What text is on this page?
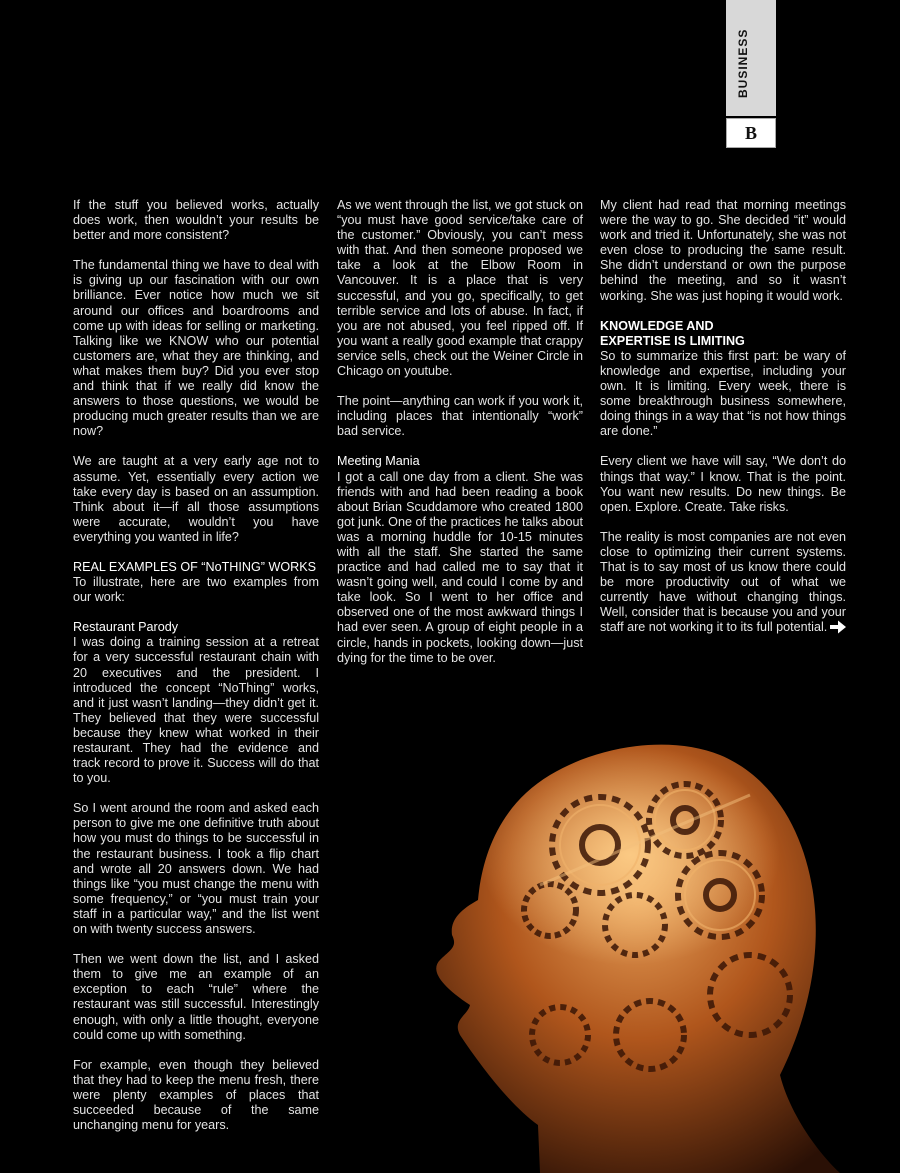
BUSINESS
B

If the stuff you believed works, actually does work, then wouldn’t your results be better and more consistent?

The fundamental thing we have to deal with is giving up our fascination with our own brilliance. Ever notice how much we sit around our offices and boardrooms and come up with ideas for selling or marketing. Talking like we KNOW who our potential customers are, what they are thinking, and what makes them buy? Did you ever stop and think that if we really did know the answers to those questions, we would be producing much greater results than we are now?

We are taught at a very early age not to assume. Yet, essentially every action we take every day is based on an assumption. Think about it—if all those assumptions were accurate, wouldn’t you have everything you wanted in life?

REAL EXAMPLES OF “NoTHING” WORKS
To illustrate, here are two examples from our work:

Restaurant Parody
I was doing a training session at a retreat for a very successful restaurant chain with 20 executives and the president. I introduced the concept “NoThing” works, and it just wasn’t landing—they didn’t get it. They believed that they were successful because they knew what worked in their restaurant. They had the evidence and track record to prove it. Success will do that to you.

So I went around the room and asked each person to give me one definitive truth about how you must do things to be successful in the restaurant business. I took a flip chart and wrote all 20 answers down. We had things like “you must change the menu with some frequency,” or “you must train your staff in a particular way,” and the list went on with twenty success answers.

Then we went down the list, and I asked them to give me an example of an exception to each “rule” where the restaurant was still successful. Interestingly enough, with only a little thought, everyone could come up with something.

For example, even though they believed that they had to keep the menu fresh, there were plenty examples of places that succeeded because of the same unchanging menu for years.

As we went through the list, we got stuck on “you must have good service/take care of the customer.” Obviously, you can’t mess with that. And then someone proposed we take a look at the Elbow Room in Vancouver. It is a place that is very successful, and you go, specifically, to get terrible service and lots of abuse. In fact, if you are not abused, you feel ripped off. If you want a really good example that crappy service sells, check out the Weiner Circle in Chicago on youtube.

The point—anything can work if you work it, including places that intentionally “work” bad service.

Meeting Mania
I got a call one day from a client. She was friends with and had been reading a book about Brian Scuddamore who created 1800 got junk. One of the practices he talks about was a morning huddle for 10-15 minutes with all the staff. She started the same practice and had called me to say that it wasn’t going well, and could I come by and take look. So I went to her office and observed one of the most awkward things I had ever seen. A group of eight people in a circle, hands in pockets, looking down—just dying for the time to be over.

My client had read that morning meetings were the way to go. She decided “it” would work and tried it. Unfortunately, she was not even close to producing the same result. She didn’t understand or own the purpose behind the meeting, and so it wasn’t working. She was just hoping it would work.

KNOWLEDGE AND
EXPERTISE IS LIMITING
So to summarize this first part: be wary of knowledge and expertise, including your own. It is limiting. Every week, there is some breakthrough business somewhere, doing things in a way that “is not how things are done.”

Every client we have will say, “We don’t do things that way.” I know. That is the point. You want new results. Do new things. Be open. Explore. Create. Take risks.

The reality is most companies are not even close to optimizing their current systems. That is to say most of us know there could be more productivity out of what we currently have without changing things. Well, consider that is because you and your staff are not working it to its full potential.
